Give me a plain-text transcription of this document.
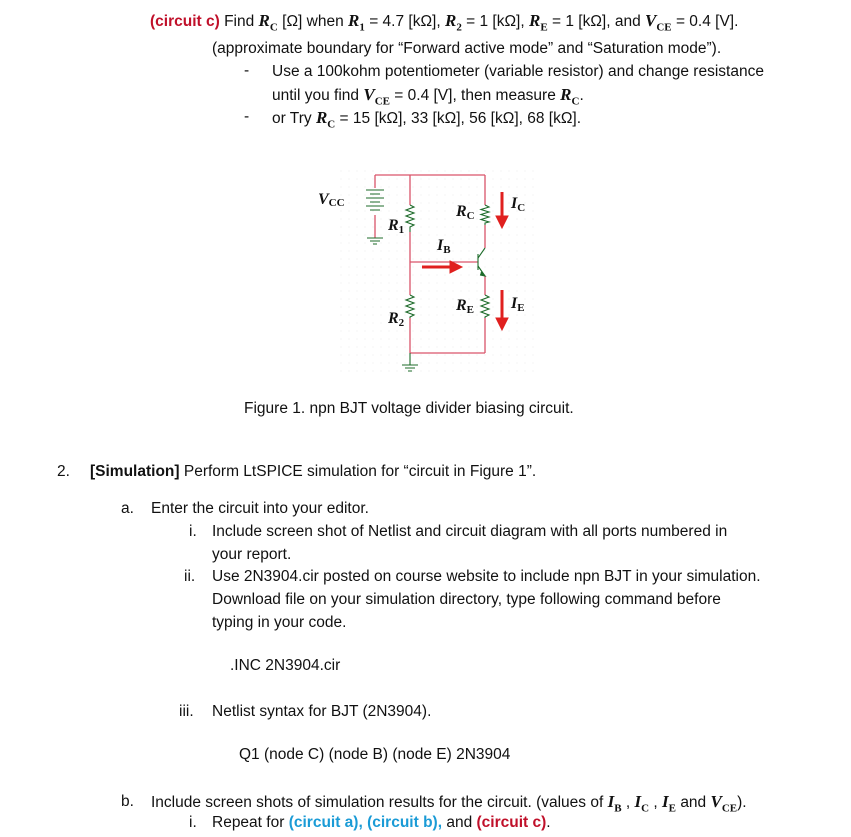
(circuit c) Find $R_C$ [Ω] when $R_1 = 4.7$ [kΩ], $R_2 = 1$ [kΩ], $R_E = 1$ [kΩ], and $V_{CE} = 0.4$ [V].
(approximate boundary for “Forward active mode” and “Saturation mode”).
- Use a 100kohm potentiometer (variable resistor) and change resistance
until you find $V_{CE} = 0.4$ [V], then measure $R_C$.
- or Try $R_C = 15$ [kΩ], 33 [kΩ], 56 [kΩ], 68 [kΩ].
VCC
R1
IB
RC
IC
R2
RE IE
Figure 1. npn BJT voltage divider biasing circuit.
2. [Simulation] Perform LtSPICE simulation for “circuit in Figure 1”.
a. Enter the circuit into your editor.
i. Include screen shot of Netlist and circuit diagram with all ports numbered in
your report.
ii. Use 2N3904.cir posted on course website to include npn BJT in your simulation.
Download file on your simulation directory, type following command before
typing in your code.
.INC 2N3904.cir
iii. Netlist syntax for BJT (2N3904).
Q1 (node C) (node B) (node E) 2N3904
b. Include screen shots of simulation results for the circuit. (values of $I_B$ , $I_C$ , $I_E$ and $V_{CE}$).
i. Repeat for (circuit a), (circuit b), and (circuit c).
